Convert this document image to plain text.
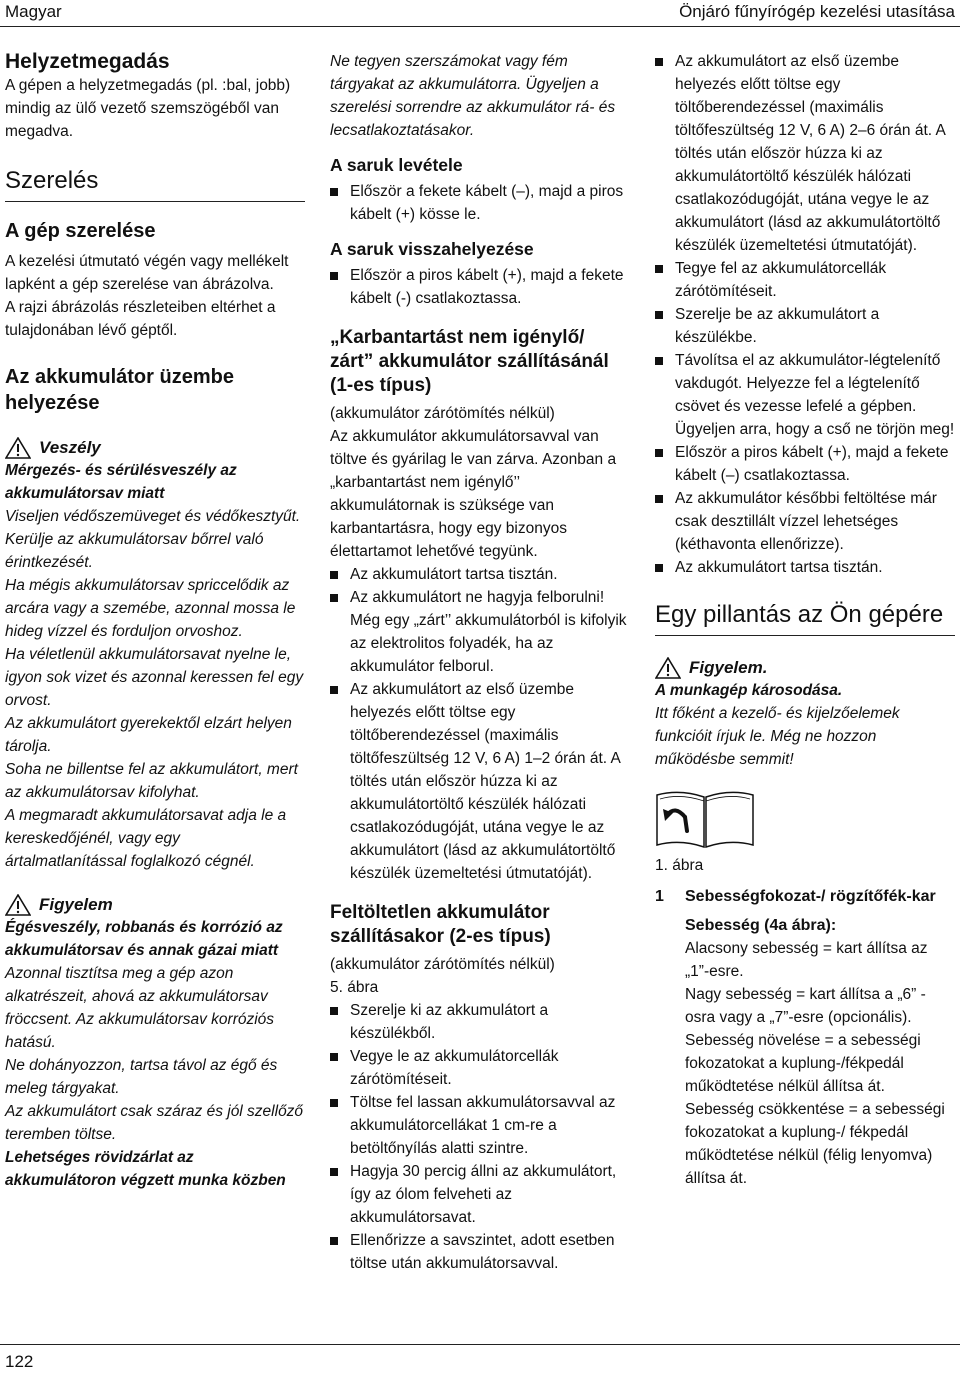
Magyar	Önjáró fűnyírógép kezelési utasítása
Helyzetmegadás

A gépen a helyzetmegadás (pl. :bal, jobb) mindig az ülő vezető szemszögéből van megadva.

Szerelés
A gép szerelése

A kezelési útmutató végén vagy mellékelt lapként a gép szerelése van ábrázolva.

A rajzi ábrázolás részleteiben eltérhet a tulajdonában lévő géptől.

Az akkumulátor üzembe helyezése
Veszély

Mérgezés- és sérülésveszély az akkumulátorsav miatt

Viseljen védőszemüveget és védőkesztyűt. Kerülje az akkumulátorsav bőrrel való érintkezését.

Ha mégis akkumulátorsav spriccelődik az arcára vagy a szemébe, azonnal mossa le hideg vízzel és forduljon orvoshoz.

Ha véletlenül akkumulátorsavat nyelne le, igyon sok vizet és azonnal keressen fel egy orvost.

Az akkumulátort gyerekektől elzárt helyen tárolja.

Soha ne billentse fel az akkumulátort, mert az akkumulátorsav kifolyhat.

A megmaradt akkumulátorsavat adja le a kereskedőjénél, vagy egy ártalmatlanítással foglalkozó cégnél.

Figyelem

Égésveszély, robbanás és korrózió az akkumulátorsav és annak gázai miatt

Azonnal tisztítsa meg a gép azon alkatrészeit, ahová az akkumulátorsav fröccsent. Az akkumulátorsav korróziós hatású.

Ne dohányozzon, tartsa távol az égő és meleg tárgyakat.

Az akkumulátort csak száraz és jól szellőző teremben töltse.

Lehetséges rövidzárlat az akkumulátoron végzett munka közben

Ne tegyen szerszámokat vagy fém tárgyakat az akkumulátorra. Ügyeljen a szerelési sorrendre az akkumulátor rá- és lecsatlakoztatásakor.

A saruk levétele
Először a fekete kábelt (–), majd a piros kábelt (+) kösse le.
A saruk visszahelyezése
Először a piros kábelt (+), majd a fekete kábelt (-) csatlakoztassa.
„Karbantartást nem igénylő/ zárt” akkumulátor szállításánál (1-es típus)

(akkumulátor zárótömítés nélkül)

Az akkumulátor akkumulátorsavval van töltve és gyárilag le van zárva. Azonban a „karbantartást nem igénylő’’ akkumulátornak is szüksége van karbantartásra, hogy egy bizonyos élettartamot lehetővé tegyünk.

Az akkumulátort tartsa tisztán.
Az akkumulátort ne hagyja felborulni! Még egy „zárt’’ akkumulátorból is kifolyik az elektrolitos folyadék, ha az akkumulátor felborul.
Az akkumulátort az első üzembe helyezés előtt töltse egy töltőberendezéssel (maximális töltőfeszültség 12 V, 6 A) 1–2 órán át. A töltés után először húzza ki az akkumulátortöltő készülék hálózati csatlakozódugóját, utána vegye le az akkumulátort (lásd az akkumulátortöltő készülék üzemeltetési útmutatóját).
Feltöltetlen akkumulátor szállításakor (2-es típus)

(akkumulátor zárótömítés nélkül)

5. ábra

Szerelje ki az akkumulátort a készülékből.
Vegye le az akkumulátorcellák zárótömítéseit.
Töltse fel lassan akkumulátorsavval az akkumulátorcellákat 1 cm-re a betöltőnyílás alatti szintre.
Hagyja 30 percig állni az akkumulátort, így az ólom felveheti az akkumulátorsavat.
Ellenőrizze a savszintet, adott esetben töltse után akkumulátorsavval.
Az akkumulátort az első üzembe helyezés előtt töltse egy töltőberendezéssel (maximális töltőfeszültség 12 V, 6 A) 2–6 órán át. A töltés után először húzza ki az akkumulátortöltő készülék hálózati csatlakozódugóját, utána vegye le az akkumulátort (lásd az akkumulátortöltő készülék üzemeltetési útmutatóját).
Tegye fel az akkumulátorcellák zárótömítéseit.
Szerelje be az akkumulátort a készülékbe.
Távolítsa el az akkumulátor-légtelenítő vakdugót. Helyezze fel a légtelenítő csövet és vezesse lefelé a gépben. Ügyeljen arra, hogy a cső ne törjön meg!
Először a piros kábelt (+), majd a fekete kábelt (–) csatlakoztassa.
Az akkumulátor későbbi feltöltése már csak desztillált vízzel lehetséges (kéthavonta ellenőrizze).
Az akkumulátort tartsa tisztán.
Egy pillantás az Ön gépére
Figyelem.

A munkagép károsodása.

Itt főként a kezelő- és kijelzőelemek funkcióit írjuk le. Még ne hozzon működésbe semmit!

1. ábra

1	Sebességfokozat-/ rögzítőfék-kar
Sebesség (4a ábra):

Alacsony sebesség = kart állítsa az „1”-esre.

Nagy sebesség = kart állítsa a „6” -osra vagy a „7”-esre (opcionális).

Sebesség növelése = a sebességi fokozatokat a kuplung-/fékpedál működtetése nélkül állítsa át.

Sebesség csökkentése = a sebességi fokozatokat a kuplung-/ fékpedál működtetése nélkül (félig lenyomva) állítsa át.

122
